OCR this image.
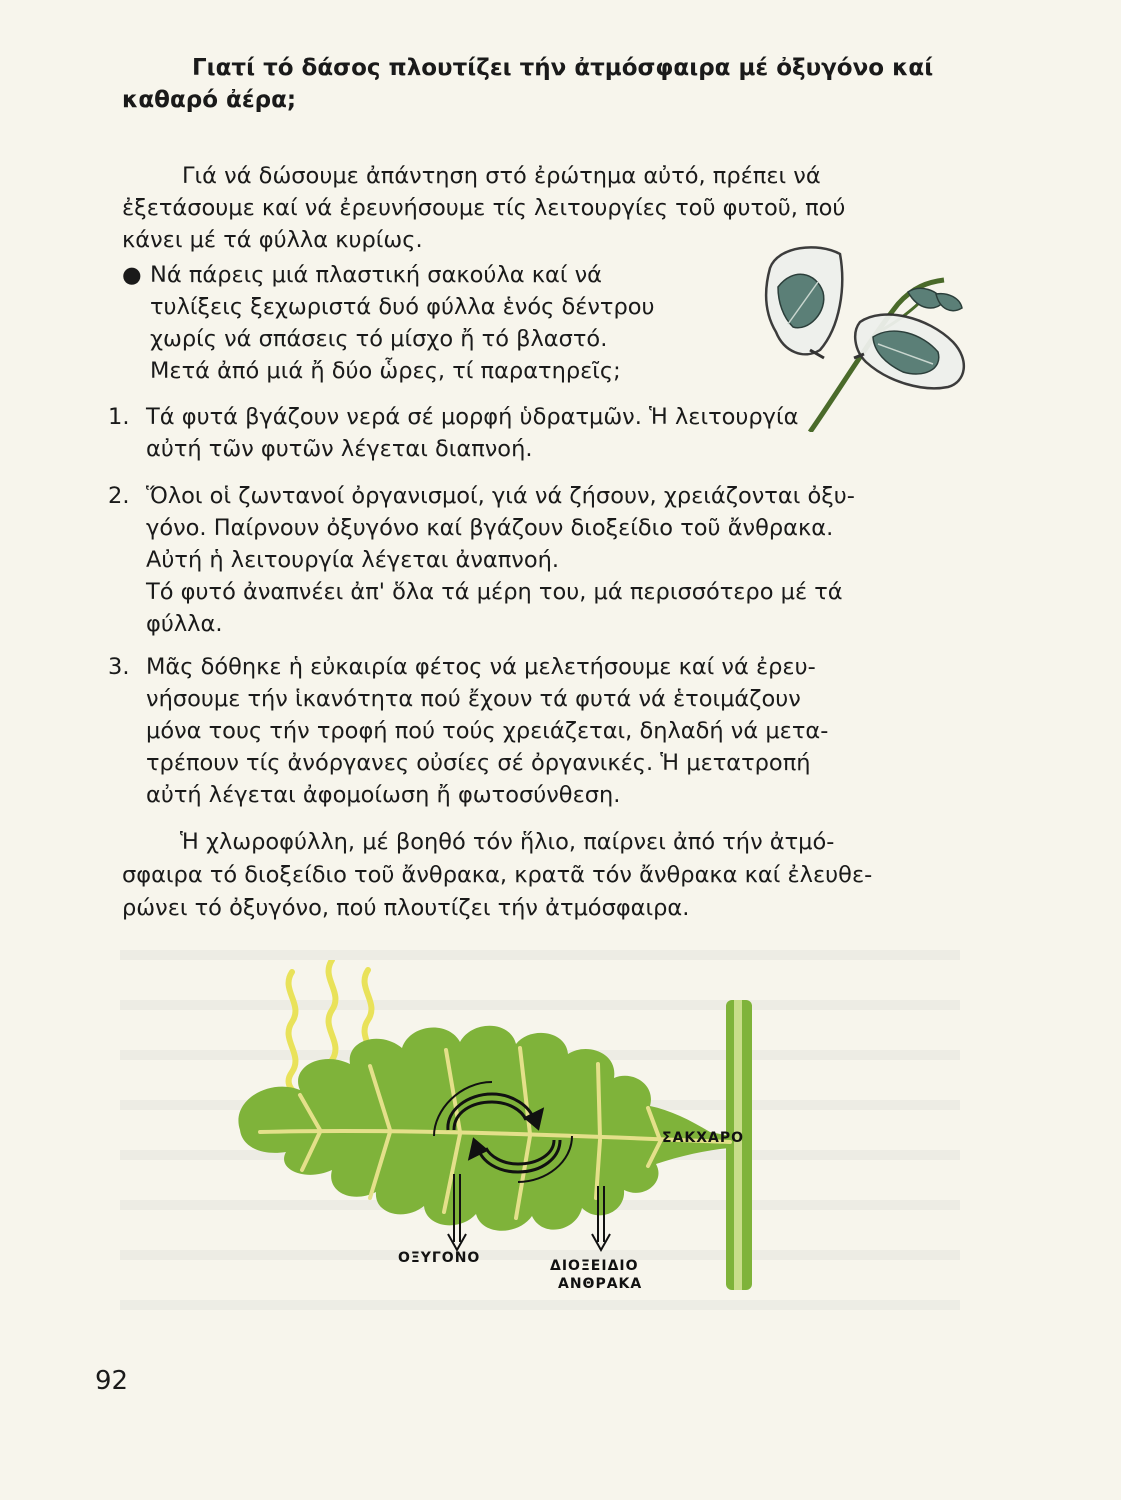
Γιατί τό δάσος πλουτίζει τήν ἀτμόσφαιρα μέ ὀξυγόνο καί
καθαρό ἀέρα;
Γιά νά δώσουμε ἀπάντηση στό ἐρώτημα αὐτό, πρέπει νά
ἐξετάσουμε καί νά ἐρευνήσουμε τίς λειτουργίες τοῦ φυτοῦ, πού
κάνει μέ τά φύλλα κυρίως.
● Νά πάρεις μιά πλαστική σακούλα καί νά
τυλίξεις ξεχωριστά δυό φύλλα ἑνός δέντρου
χωρίς νά σπάσεις τό μίσχο ἤ τό βλαστό.
Μετά ἀπό μιά ἤ δύο ὧρες, τί παρατηρεῖς;
1. Τά φυτά βγάζουν νερά σέ μορφή ὑδρατμῶν. Ἡ λειτουργία
αὐτή τῶν φυτῶν λέγεται διαπνοή.
2. Ὅλοι οἱ ζωντανοί ὀργανισμοί, γιά νά ζήσουν, χρειάζονται ὀξυ-
γόνο. Παίρνουν ὀξυγόνο καί βγάζουν διοξείδιο τοῦ ἄνθρακα.
Αὐτή ἡ λειτουργία λέγεται ἀναπνοή.
Τό φυτό ἀναπνέει ἀπ' ὅλα τά μέρη του, μά περισσότερο μέ τά
φύλλα.
3. Μᾶς δόθηκε ἡ εὐκαιρία φέτος νά μελετήσουμε καί νά ἐρευ-
νήσουμε τήν ἱκανότητα πού ἔχουν τά φυτά νά ἑτοιμάζουν
μόνα τους τήν τροφή πού τούς χρειάζεται, δηλαδή νά μετα-
τρέπουν τίς ἀνόργανες οὐσίες σέ ὀργανικές. Ἡ μετατροπή
αὐτή λέγεται ἀφομοίωση ἤ φωτοσύνθεση.
Ἡ χλωροφύλλη, μέ βοηθό τόν ἥλιο, παίρνει ἀπό τήν ἀτμό-
σφαιρα τό διοξείδιο τοῦ ἄνθρακα, κρατᾶ τόν ἄνθρακα καί ἐλευθε-
ρώνει τό ὀξυγόνο, πού πλουτίζει τήν ἀτμόσφαιρα.
ΣΑΚΧΑΡΟ
ΟΞΥΓΟΝΟ	ΔΙΟΞΕΙΔΙΟ
ΑΝΘΡΑΚΑ
92
